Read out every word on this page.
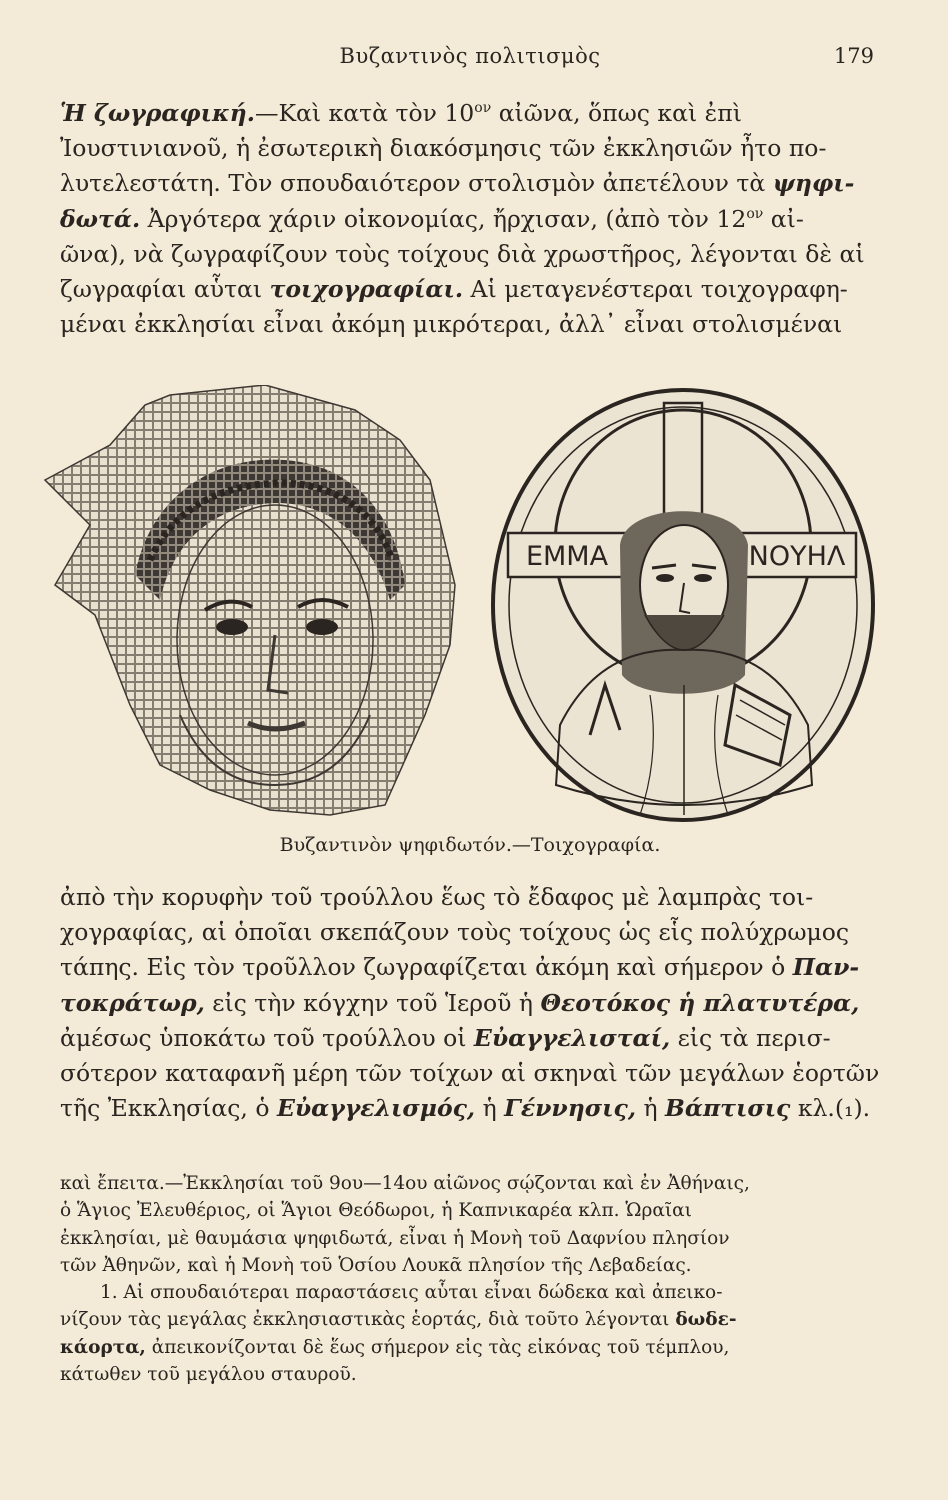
Βυζαντινὸς πολιτισμὸς	179
Ἡ ζωγραφική.—Καὶ κατὰ τὸν $10^{o\nu}$ αἰῶνα, ὅπως καὶ ἐπὶ
Ἰουστινιανοῦ, ἡ ἐσωτερικὴ διακόσμησις τῶν ἐκκλησιῶν ἦτο πο-
λυτελεστάτη. Τὸν σπουδαιότερον στολισμὸν ἀπετέλουν τὰ ψηφι-
δωτά. Ἀργότερα χάριν οἰκονομίας, ἤρχισαν, (ἀπὸ τὸν $12^{o\nu}$ αἰ-
ῶνα), νὰ ζωγραφίζουν τοὺς τοίχους διὰ χρωστῆρος, λέγονται δὲ αἱ
ζωγραφίαι αὗται τοιχογραφίαι. Αἱ μεταγενέστεραι τοιχογραφη-
μέναι ἐκκλησίαι εἶναι ἀκόμη μικρότεραι, ἀλλ᾽ εἶναι στολισμέναι
ΕΜΜΑ	ΝΟΥΗΛ
Βυζαντινὸν ψηφιδωτόν.—Τοιχογραφία.
ἀπὸ τὴν κορυφὴν τοῦ τρούλλου ἕως τὸ ἔδαφος μὲ λαμπρὰς τοι-
χογραφίας, αἱ ὁποῖαι σκεπάζουν τοὺς τοίχους ὡς εἷς πολύχρωμος
τάπης. Εἰς τὸν τροῦλλον ζωγραφίζεται ἀκόμη καὶ σήμερον ὁ Παν-
τοκράτωρ, εἰς τὴν κόγχην τοῦ Ἱεροῦ ἡ Θεοτόκος ἡ πλατυτέρα,
ἀμέσως ὑποκάτω τοῦ τρούλλου οἱ Εὐαγγελισταί, εἰς τὰ περισ-
σότερον καταφανῆ μέρη τῶν τοίχων αἱ σκηναὶ τῶν μεγάλων ἑορτῶν
τῆς Ἐκκλησίας, ὁ Εὐαγγελισμός, ἡ Γέννησις, ἡ Βάπτισις κλ.(₁).
καὶ ἔπειτα.—Ἐκκλησίαι τοῦ 9ου—14ου αἰῶνος σῴζονται καὶ ἐν Ἀθήναις,
ὁ Ἅγιος Ἐλευθέριος, οἱ Ἅγιοι Θεόδωροι, ἡ Καπνικαρέα κλπ. Ὡραῖαι
ἐκκλησίαι, μὲ θαυμάσια ψηφιδωτά, εἶναι ἡ Μονὴ τοῦ Δαφνίου πλησίον
τῶν Ἀθηνῶν, καὶ ἡ Μονὴ τοῦ Ὁσίου Λουκᾶ πλησίον τῆς Λεβαδείας.
1. Αἱ σπουδαιότεραι παραστάσεις αὗται εἶναι δώδεκα καὶ ἀπεικο-
νίζουν τὰς μεγάλας ἐκκλησιαστικὰς ἑορτάς, διὰ τοῦτο λέγονται δωδε-
κάορτα, ἀπεικονίζονται δὲ ἕως σήμερον εἰς τὰς εἰκόνας τοῦ τέμπλου,
κάτωθεν τοῦ μεγάλου σταυροῦ.
